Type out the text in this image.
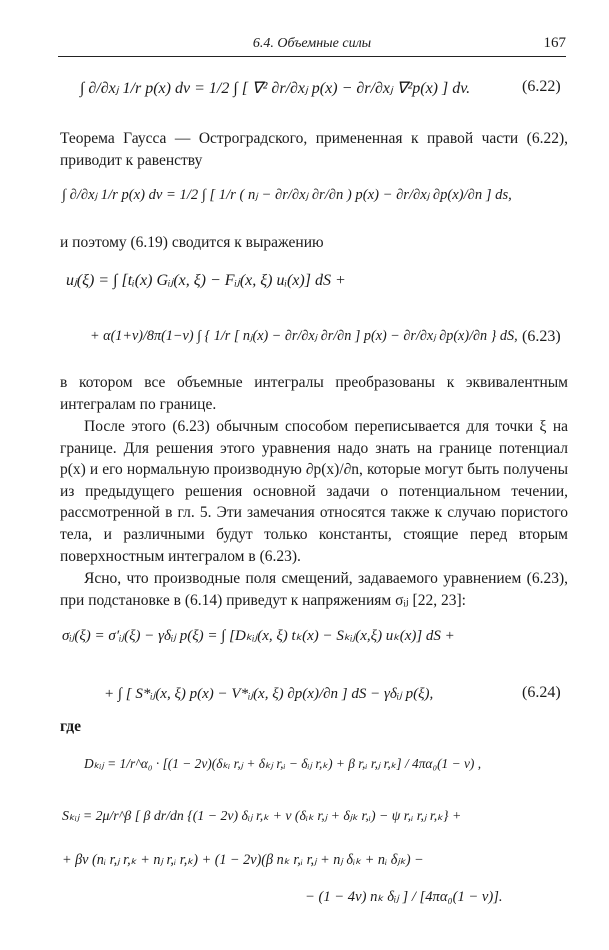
6.4. Объемные силы	167
∫ ∂/∂xⱼ 1/r p(x) dv = 1/2 ∫ [ ∇² ∂r/∂xⱼ p(x) − ∂r/∂xⱼ ∇²p(x) ] dv.	(6.22)
Теорема Гаусса — Остроградского, примененная к правой части (6.22), приводит к равенству
∫ ∂/∂xⱼ 1/r p(x) dv = 1/2 ∫ [ 1/r ( nⱼ − ∂r/∂xⱼ ∂r/∂n ) p(x) − ∂r/∂xⱼ ∂p(x)/∂n ] ds,
и поэтому (6.19) сводится к выражению
uⱼ(ξ) = ∫ [tᵢ(x) Gᵢⱼ(x, ξ) − Fᵢⱼ(x, ξ) uᵢ(x)] dS +
+ α(1+ν)/8π(1−ν) ∫ { 1/r [ nⱼ(x) − ∂r/∂xⱼ ∂r/∂n ] p(x) − ∂r/∂xⱼ ∂p(x)/∂n } dS, (6.23)
в котором все объемные интегралы преобразованы к эквивалентным интегралам по границе.
После этого (6.23) обычным способом переписывается для точки ξ на границе. Для решения этого уравнения надо знать на границе потенциал p(x) и его нормальную производную ∂p(x)/∂n, которые могут быть получены из предыдущего решения основной задачи о потенциальном течении, рассмотренной в гл. 5. Эти замечания относятся также к случаю пористого тела, и различными будут только константы, стоящие перед вторым поверхностным интегралом в (6.23).
Ясно, что производные поля смещений, задаваемого уравнением (6.23), при подстановке в (6.14) приведут к напряжениям σᵢⱼ [22, 23]:
σᵢⱼ(ξ) = σ′ᵢⱼ(ξ) − γδᵢⱼ p(ξ) = ∫ [Dₖᵢⱼ(x, ξ) tₖ(x) − Sₖᵢⱼ(x,ξ) uₖ(x)] dS +
+ ∫ [ S*ᵢⱼ(x, ξ) p(x) − V*ᵢⱼ(x, ξ) ∂p(x)/∂n ] dS − γδᵢⱼ p(ξ),	(6.24)
где
Dₖᵢⱼ = 1/r^α₀ · [(1 − 2ν)(δₖᵢ r,ⱼ + δₖⱼ r,ᵢ − δᵢⱼ r,ₖ) + β r,ᵢ r,ⱼ r,ₖ] / 4πα₀(1 − ν) ,
Sₖᵢⱼ = 2μ/r^β [ β dr/dn {(1 − 2ν) δᵢⱼ r,ₖ + ν (δᵢₖ r,ⱼ + δⱼₖ r,ᵢ) − ψ r,ᵢ r,ⱼ r,ₖ} +
+ βν (nᵢ r,ⱼ r,ₖ + nⱼ r,ᵢ r,ₖ) + (1 − 2ν)(β nₖ r,ᵢ r,ⱼ + nⱼ δᵢₖ + nᵢ δⱼₖ) −
− (1 − 4ν) nₖ δᵢⱼ ] / [4πα₀(1 − ν)].
